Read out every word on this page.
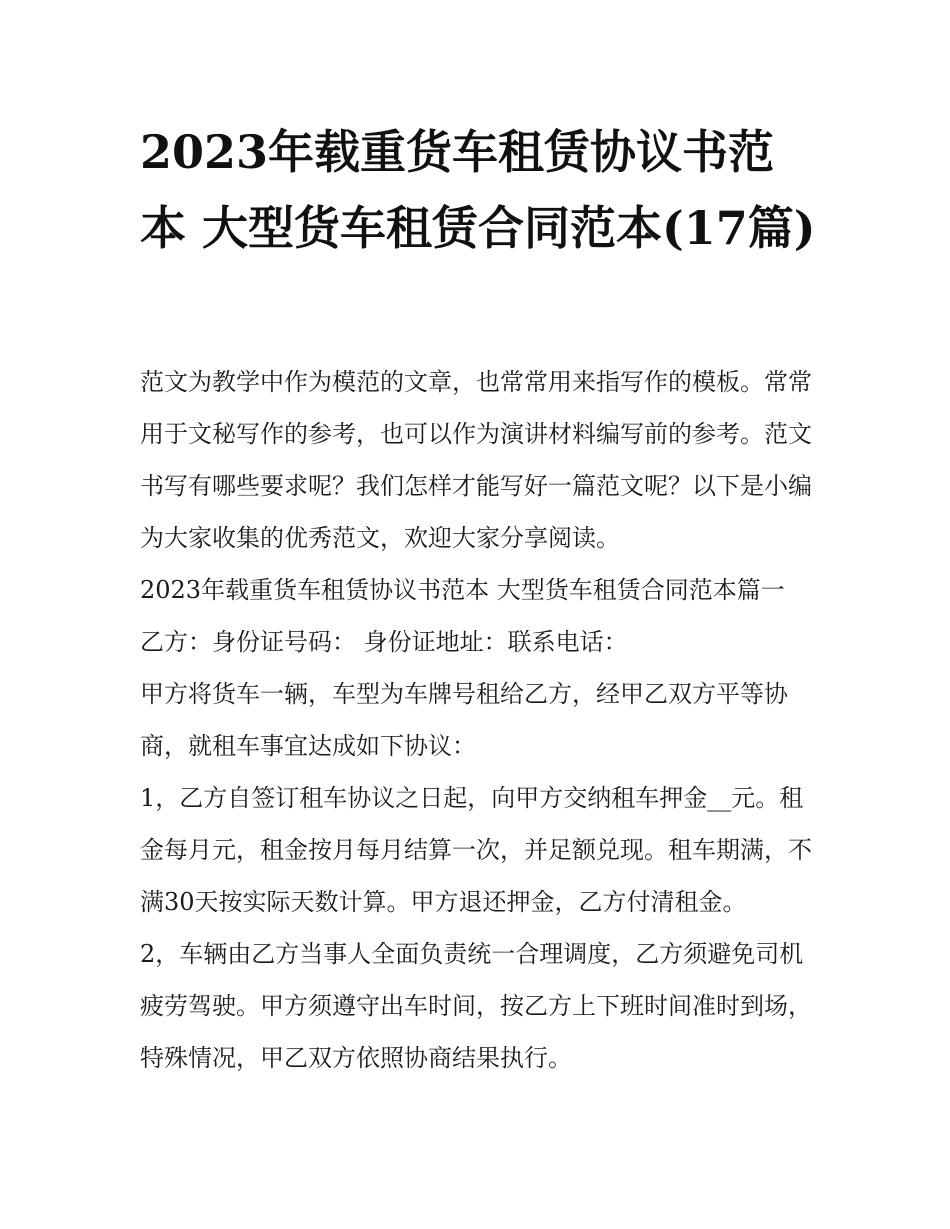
2023年载重货车租赁协议书范本 大型货车租赁合同范本(17篇)

范文为教学中作为模范的文章，也常常用来指写作的模板。常常用于文秘写作的参考，也可以作为演讲材料编写前的参考。范文书写有哪些要求呢？我们怎样才能写好一篇范文呢？以下是小编为大家收集的优秀范文，欢迎大家分享阅读。

2023年载重货车租赁协议书范本 大型货车租赁合同范本篇一

乙方：身份证号码： 身份证地址：联系电话：

甲方将货车一辆，车型为车牌号租给乙方，经甲乙双方平等协商，就租车事宜达成如下协议：

1，乙方自签订租车协议之日起，向甲方交纳租车押金__元。租金每月元，租金按月每月结算一次，并足额兑现。租车期满，不满30天按实际天数计算。甲方退还押金，乙方付清租金。

2，车辆由乙方当事人全面负责统一合理调度，乙方须避免司机疲劳驾驶。甲方须遵守出车时间，按乙方上下班时间准时到场，特殊情况，甲乙双方依照协商结果执行。
